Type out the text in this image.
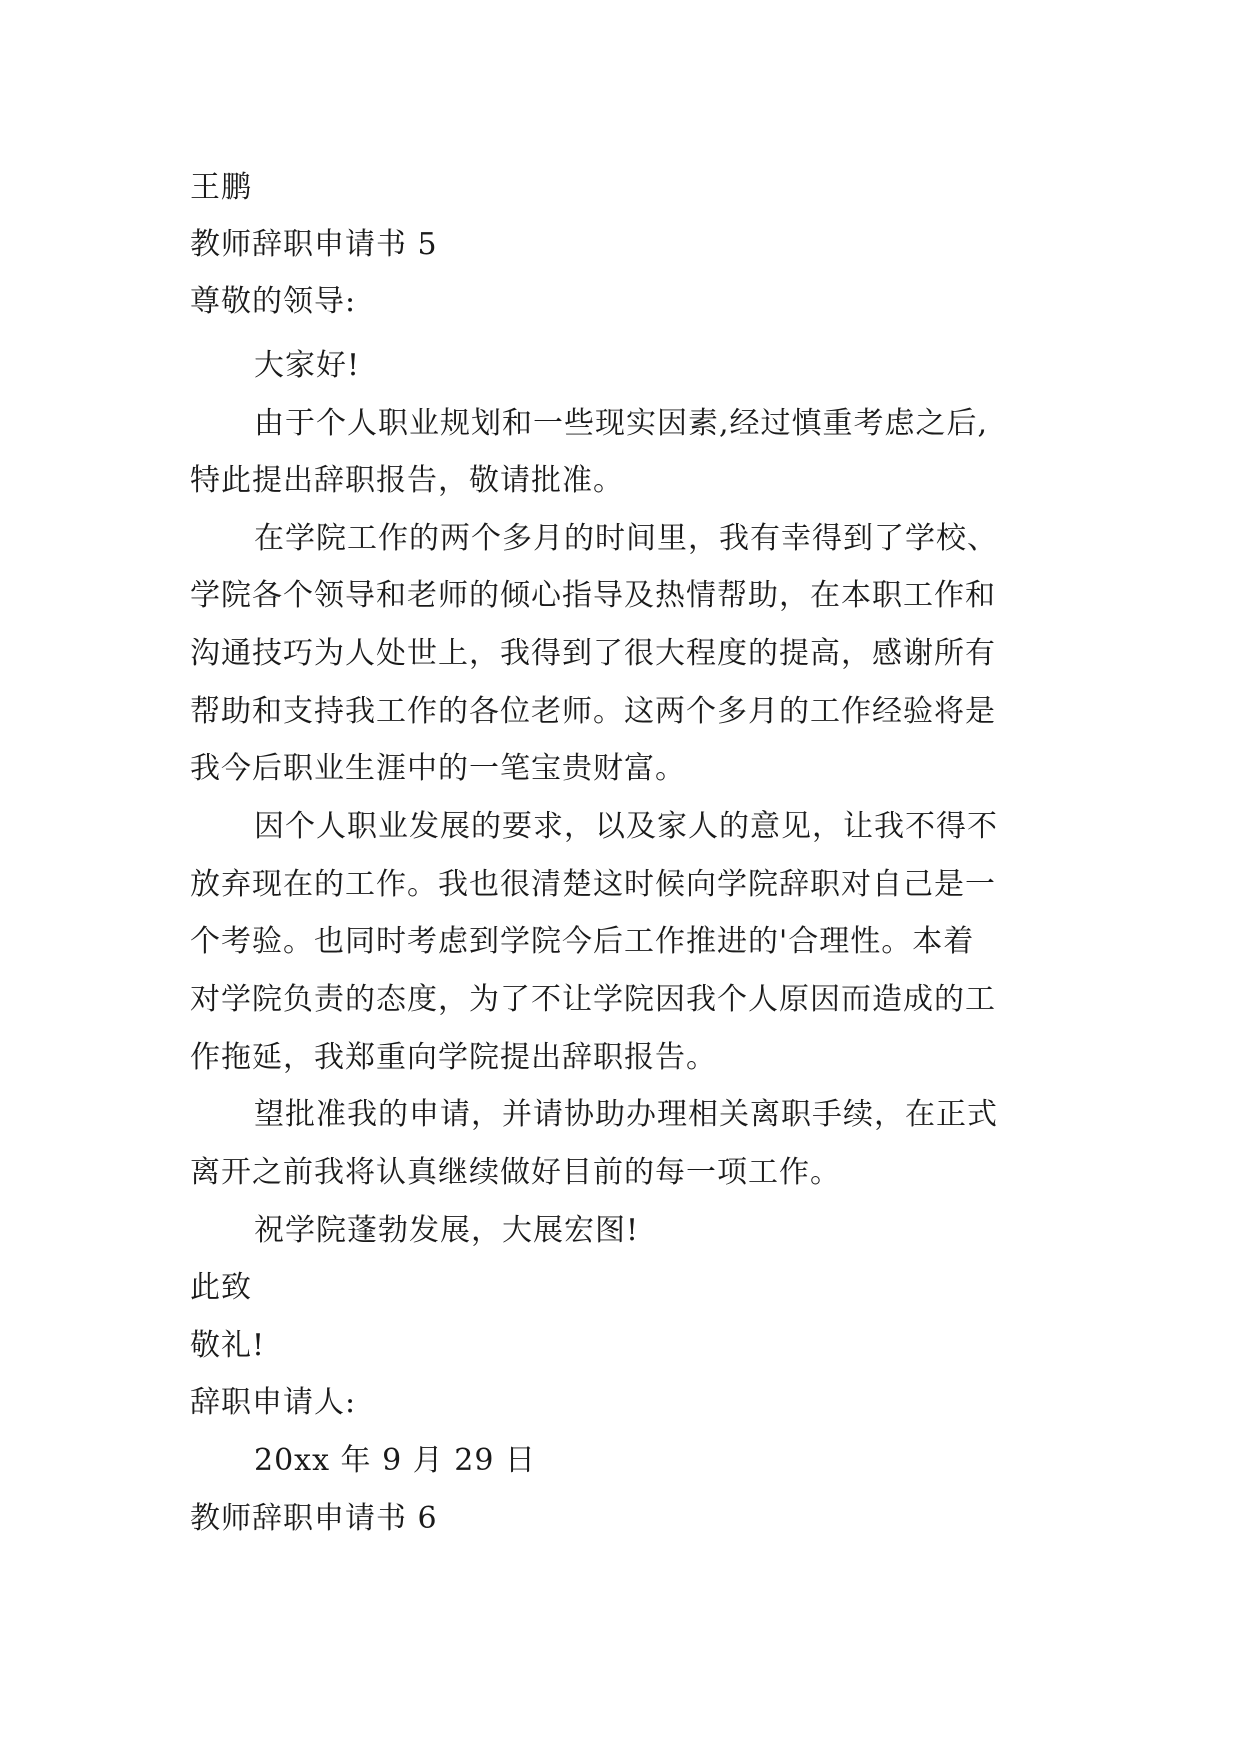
王鹏
教师辞职申请书 5
尊敬的领导:
大家好!
由于个人职业规划和一些现实因素,经过慎重考虑之后,
特此提出辞职报告，敬请批准。
在学院工作的两个多月的时间里，我有幸得到了学校、
学院各个领导和老师的倾心指导及热情帮助，在本职工作和
沟通技巧为人处世上，我得到了很大程度的提高，感谢所有
帮助和支持我工作的各位老师。这两个多月的工作经验将是
我今后职业生涯中的一笔宝贵财富。
因个人职业发展的要求，以及家人的意见，让我不得不
放弃现在的工作。我也很清楚这时候向学院辞职对自己是一
个考验。也同时考虑到学院今后工作推进的'合理性。本着
对学院负责的态度，为了不让学院因我个人原因而造成的工
作拖延，我郑重向学院提出辞职报告。
望批准我的申请，并请协助办理相关离职手续，在正式
离开之前我将认真继续做好目前的每一项工作。
祝学院蓬勃发展，大展宏图!
此致
敬礼!
辞职申请人:
20xx 年 9 月 29 日
教师辞职申请书 6
